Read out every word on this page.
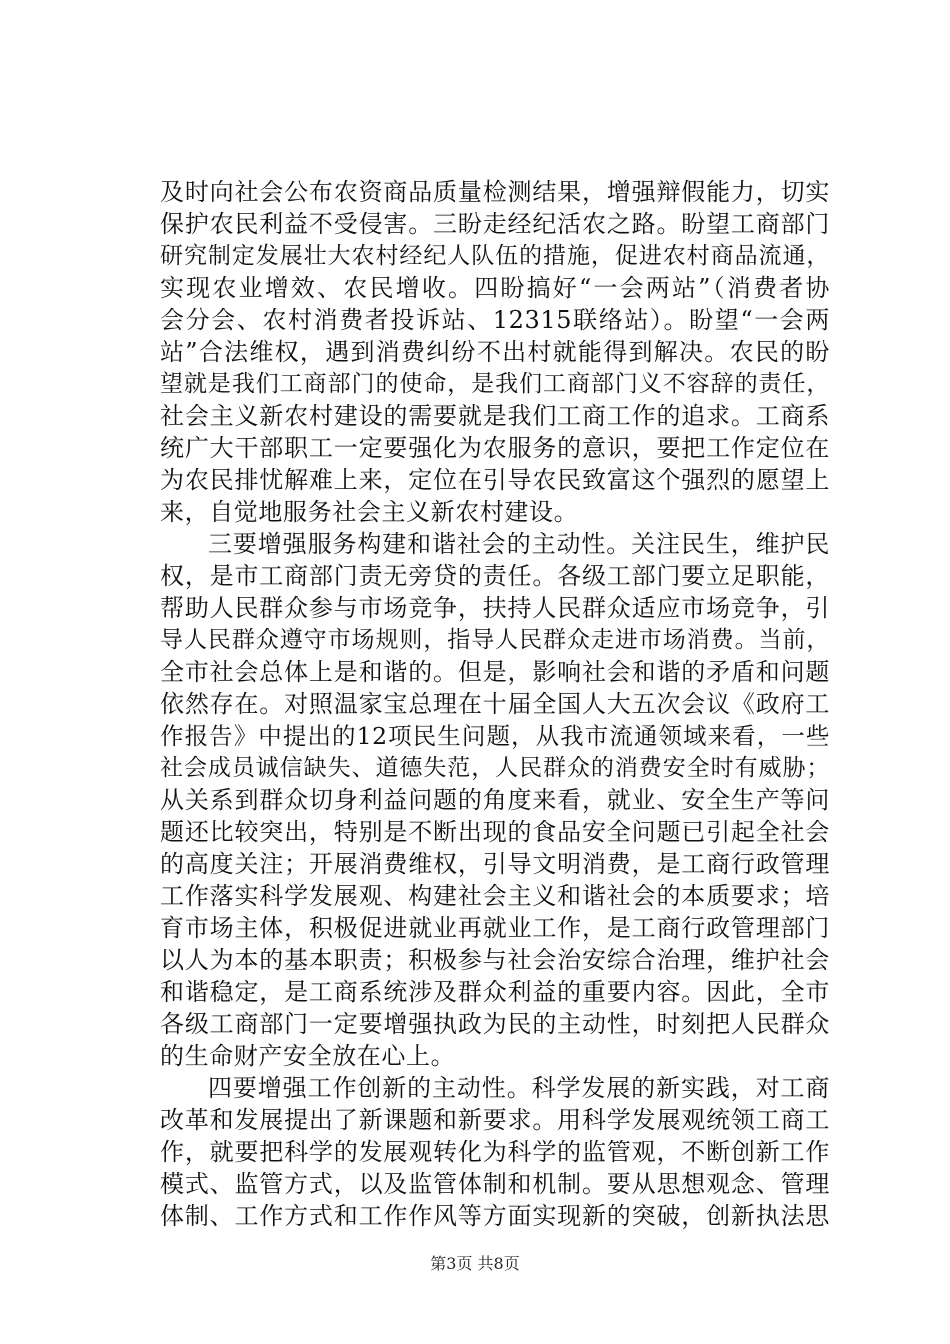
及时向社会公布农资商品质量检测结果，增强辩假能力，切实
保护农民利益不受侵害。三盼走经纪活农之路。盼望工商部门
研究制定发展壮大农村经纪人队伍的措施，促进农村商品流通，
实现农业增效、农民增收。四盼搞好“一会两站”（消费者协
会分会、农村消费者投诉站、12315联络站）。盼望“一会两
站”合法维权，遇到消费纠纷不出村就能得到解决。农民的盼
望就是我们工商部门的使命，是我们工商部门义不容辞的责任，
社会主义新农村建设的需要就是我们工商工作的追求。工商系
统广大干部职工一定要强化为农服务的意识，要把工作定位在
为农民排忧解难上来，定位在引导农民致富这个强烈的愿望上
来，自觉地服务社会主义新农村建设。
三要增强服务构建和谐社会的主动性。关注民生，维护民
权，是市工商部门责无旁贷的责任。各级工部门要立足职能，
帮助人民群众参与市场竞争，扶持人民群众适应市场竞争，引
导人民群众遵守市场规则，指导人民群众走进市场消费。当前，
全市社会总体上是和谐的。但是，影响社会和谐的矛盾和问题
依然存在。对照温家宝总理在十届全国人大五次会议《政府工
作报告》中提出的12项民生问题，从我市流通领域来看，一些
社会成员诚信缺失、道德失范，人民群众的消费安全时有威胁；
从关系到群众切身利益问题的角度来看，就业、安全生产等问
题还比较突出，特别是不断出现的食品安全问题已引起全社会
的高度关注；开展消费维权，引导文明消费，是工商行政管理
工作落实科学发展观、构建社会主义和谐社会的本质要求；培
育市场主体，积极促进就业再就业工作，是工商行政管理部门
以人为本的基本职责；积极参与社会治安综合治理，维护社会
和谐稳定，是工商系统涉及群众利益的重要内容。因此，全市
各级工商部门一定要增强执政为民的主动性，时刻把人民群众
的生命财产安全放在心上。
四要增强工作创新的主动性。科学发展的新实践，对工商
改革和发展提出了新课题和新要求。用科学发展观统领工商工
作，就要把科学的发展观转化为科学的监管观，不断创新工作
模式、监管方式，以及监管体制和机制。要从思想观念、管理
体制、工作方式和工作作风等方面实现新的突破，创新执法思
第3页 共8页
